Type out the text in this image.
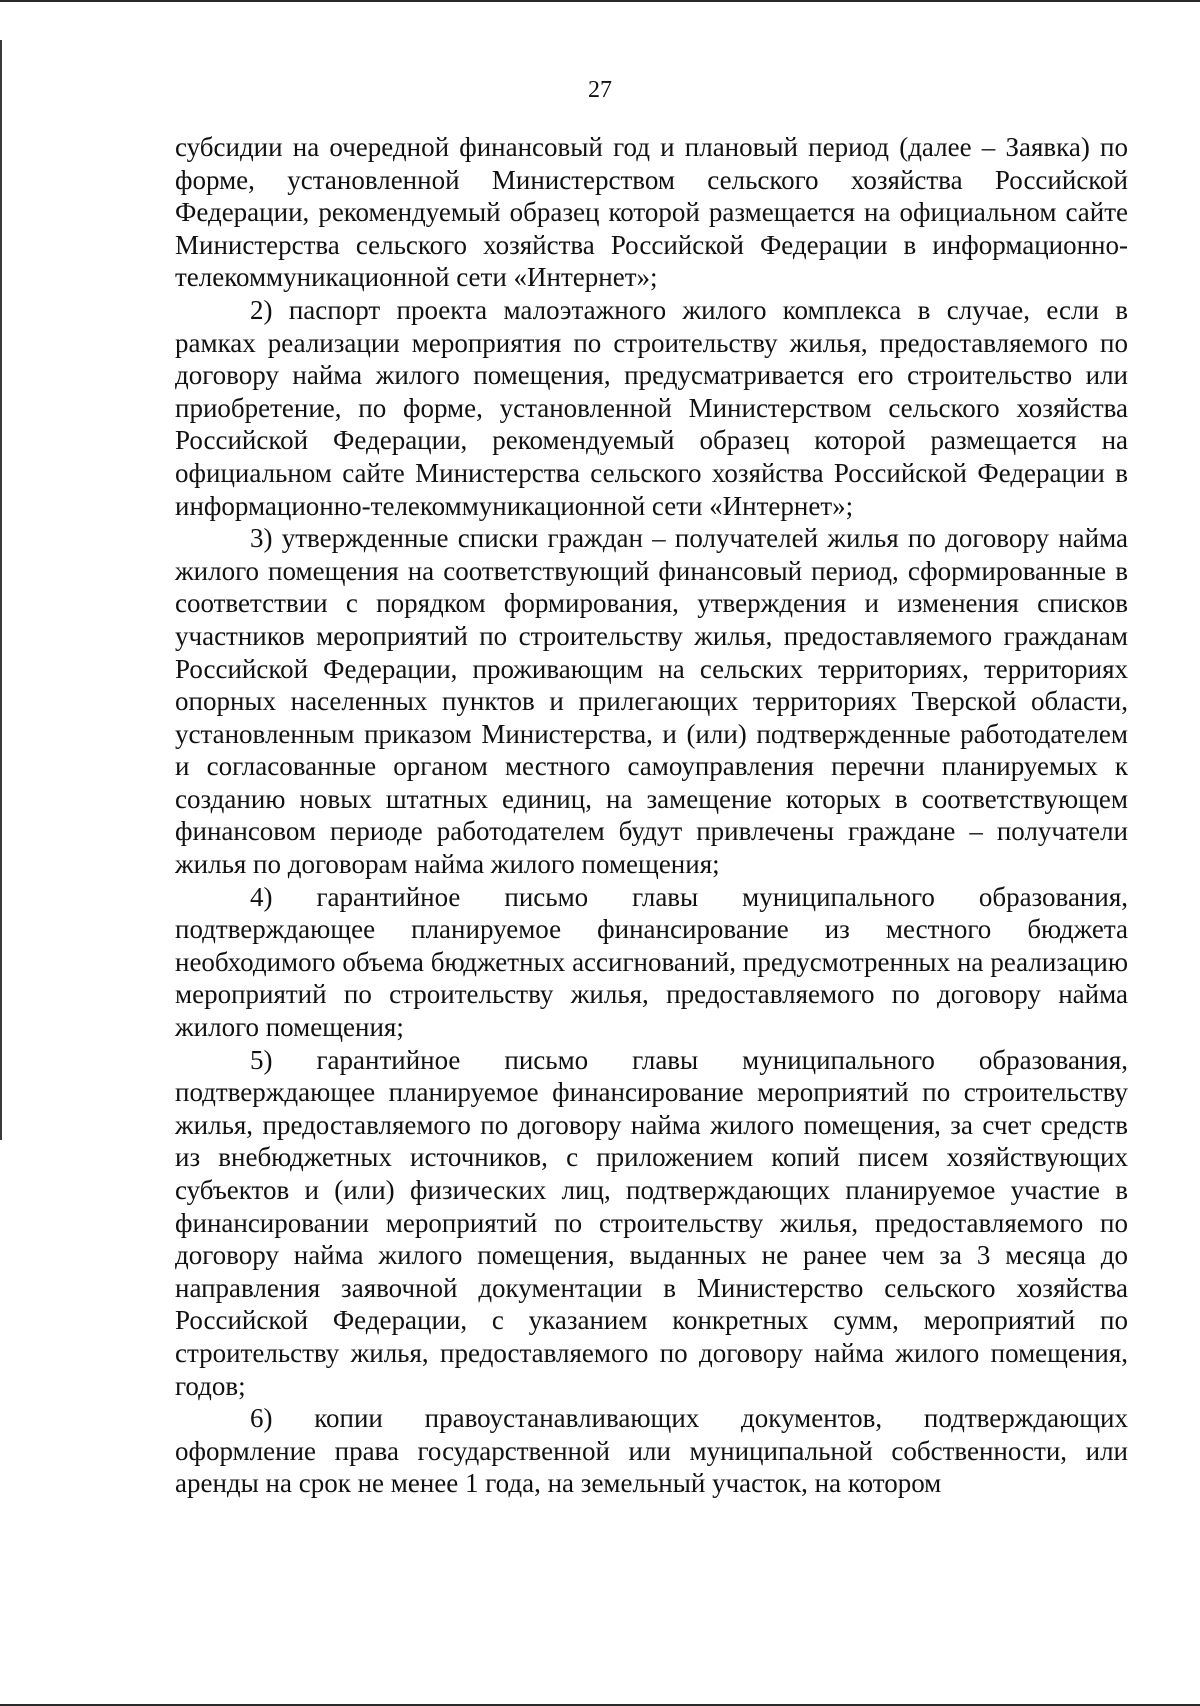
27

субсидии на очередной финансовый год и плановый период (далее – Заявка) по форме, установленной Министерством сельского хозяйства Российской Федерации, рекомендуемый образец которой размещается на официальном сайте Министерства сельского хозяйства Российской Федерации в информационно-телекоммуникационной сети «Интернет»;

2) паспорт проекта малоэтажного жилого комплекса в случае, если в рамках реализации мероприятия по строительству жилья, предоставляемого по договору найма жилого помещения, предусматривается его строительство или приобретение, по форме, установленной Министерством сельского хозяйства Российской Федерации, рекомендуемый образец которой размещается на официальном сайте Министерства сельского хозяйства Российской Федерации в информационно-телекоммуникационной сети «Интернет»;

3) утвержденные списки граждан – получателей жилья по договору найма жилого помещения на соответствующий финансовый период, сформированные в соответствии с порядком формирования, утверждения и изменения списков участников мероприятий по строительству жилья, предоставляемого гражданам Российской Федерации, проживающим на сельских территориях, территориях опорных населенных пунктов и прилегающих территориях Тверской области, установленным приказом Министерства, и (или) подтвержденные работодателем и согласованные органом местного самоуправления перечни планируемых к созданию новых штатных единиц, на замещение которых в соответствующем финансовом периоде работодателем будут привлечены граждане – получатели жилья по договорам найма жилого помещения;

4) гарантийное письмо главы муниципального образования, подтверждающее планируемое финансирование из местного бюджета необходимого объема бюджетных ассигнований, предусмотренных на реализацию мероприятий по строительству жилья, предоставляемого по договору найма жилого помещения;

5) гарантийное письмо главы муниципального образования, подтверждающее планируемое финансирование мероприятий по строительству жилья, предоставляемого по договору найма жилого помещения, за счет средств из внебюджетных источников, с приложением копий писем хозяйствующих субъектов и (или) физических лиц, подтверждающих планируемое участие в финансировании мероприятий по строительству жилья, предоставляемого по договору найма жилого помещения, выданных не ранее чем за 3 месяца до направления заявочной документации в Министерство сельского хозяйства Российской Федерации, с указанием конкретных сумм, мероприятий по строительству жилья, предоставляемого по договору найма жилого помещения, годов;

6) копии правоустанавливающих документов, подтверждающих оформление права государственной или муниципальной собственности, или аренды на срок не менее 1 года, на земельный участок, на котором
